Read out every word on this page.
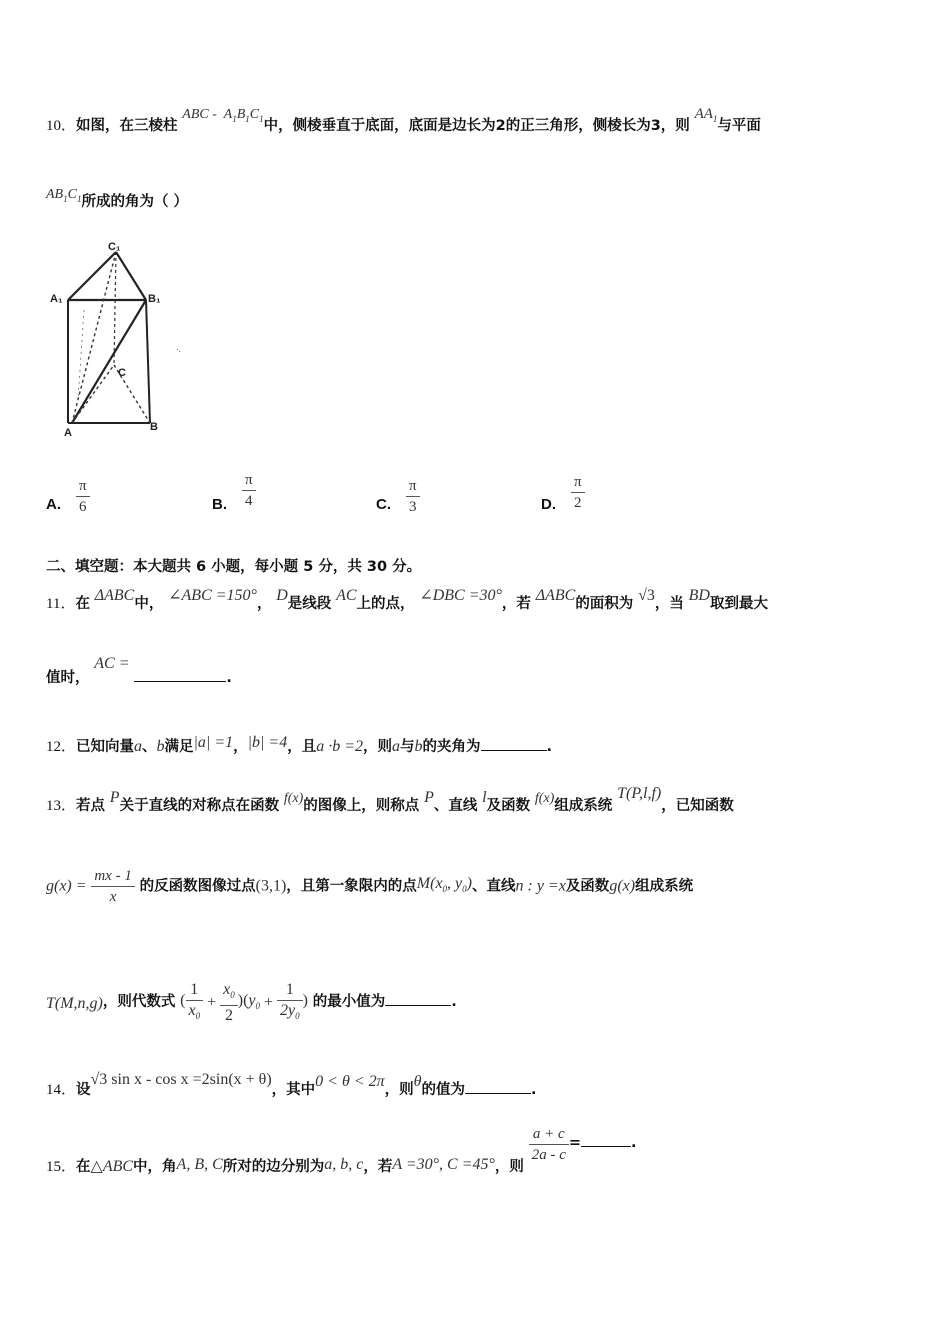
10．如图，在三棱柱 ABC -  $A_1B_1C_1$中，侧棱垂直于底面，底面是边长为2的正三角形，侧棱长为3，则 $AA_1$与平面
$AB_1C_1$所成的角为（ ）
C₁
A₁	B₁
C
A	B
·.
A. $\frac{\pi}{6}$	B. $\frac{\pi}{4}$	C. $\frac{\pi}{3}$	D. $\frac{\pi}{2}$
二、填空题：本大题共 6 小题，每小题 5 分，共 30 分。
11．在 ΔABC中， ∠ABC =150°， D是线段 AC上的点， ∠DBC =30°，若 ΔABC的面积为 √3，当 BD取到最大
值时， AC = .
12．已知向量a、b满足|a| =1，|b| =4，且a ·b =2，则a与b的夹角为	.
13．若点 P关于直线的对称点在函数 f(x)的图像上，则称点 P、直线 l及函数 f(x)组成系统 T(P,l,f)，已知函数
$g(x) = \frac{mx - 1}{x}$ 的反函数图像过点(3,1)，且第一象限内的点$M(x_0$, $y_0$)、直线n : y =x及函数g(x)组成系统
T(M,n,g)，则代数式 ( $\frac{1}{x_0} + \frac{x_0}{2} )(y_0 + \frac{1}{2y_0}$ ) 的最小值为	.
14．设√3 sin x - cos x =2sin(x + θ)，其中0 < θ < 2π，则θ的值为	.
15．在△ABC中，角A, B, C所对的边分别为a, b, c，若A =30°, C =45°，则
$\frac{a + c}{2a - c}$ =	.
